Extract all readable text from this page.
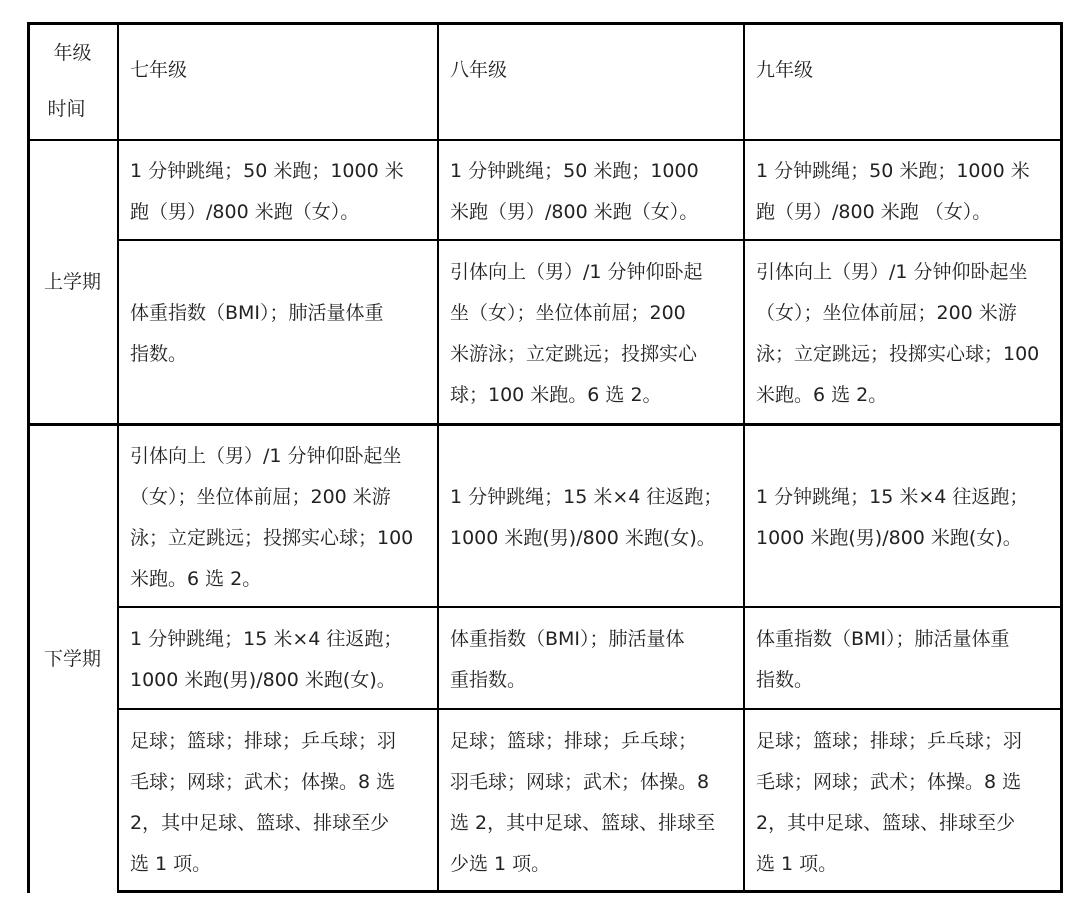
年级
时间
七年级	八年级	九年级
上学期
下学期
1 分钟跳绳；50 米跑；1000 米
跑（男）/800 米跑（女）。
1 分钟跳绳；50 米跑；1000
米跑（男）/800 米跑（女）。
1 分钟跳绳；50 米跑；1000 米
跑（男）/800 米跑 （女）。
体重指数（BMI）；肺活量体重
指数。
引体向上（男）/1 分钟仰卧起
坐（女）；坐位体前屈；200
米游泳；立定跳远；投掷实心
球；100 米跑。6 选 2。
引体向上（男）/1 分钟仰卧起坐
（女）；坐位体前屈；200 米游
泳；立定跳远；投掷实心球；100
米跑。6 选 2。
引体向上（男）/1 分钟仰卧起坐
（女）；坐位体前屈；200 米游
泳；立定跳远；投掷实心球；100
米跑。6 选 2。
1 分钟跳绳；15 米×4 往返跑；
1000 米跑(男)/800 米跑(女)。
1 分钟跳绳；15 米×4 往返跑；
1000 米跑(男)/800 米跑(女)。
1 分钟跳绳；15 米×4 往返跑；
1000 米跑(男)/800 米跑(女)。
体重指数（BMI）；肺活量体
重指数。
体重指数（BMI）；肺活量体重
指数。
足球；篮球；排球；乒乓球；羽
毛球；网球；武术；体操。8 选
2，其中足球、篮球、排球至少
选 1 项。
足球；篮球；排球；乒乓球；
羽毛球；网球；武术；体操。8
选 2，其中足球、篮球、排球至
少选 1 项。
足球；篮球；排球；乒乓球；羽
毛球；网球；武术；体操。8 选
2，其中足球、篮球、排球至少
选 1 项。
